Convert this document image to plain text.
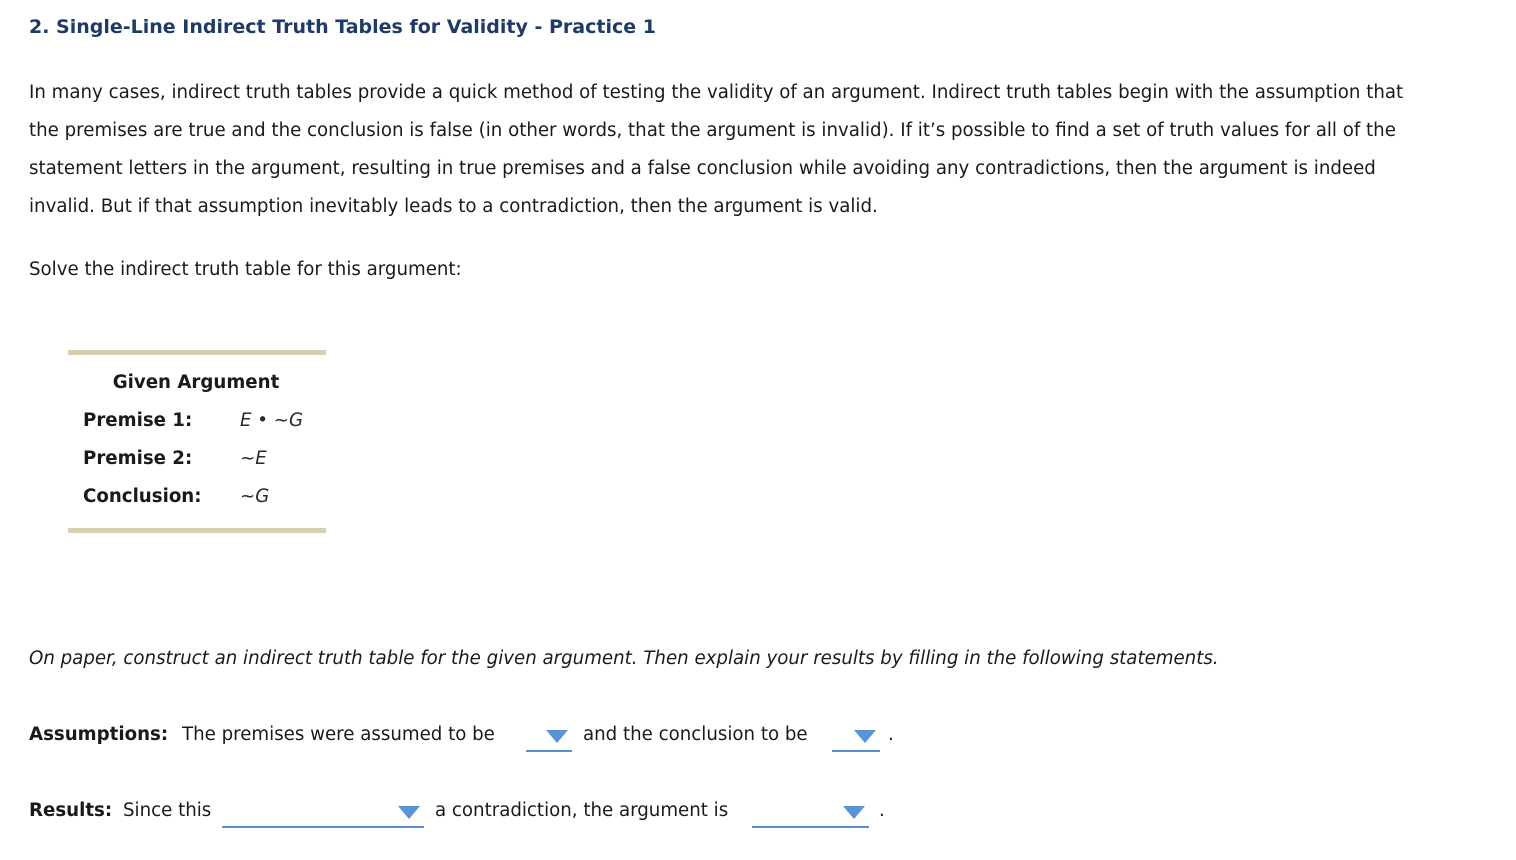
2. Single-Line Indirect Truth Tables for Validity - Practice 1

In many cases, indirect truth tables provide a quick method of testing the validity of an argument. Indirect truth tables begin with the assumption that

the premises are true and the conclusion is false (in other words, that the argument is invalid). If it’s possible to find a set of truth values for all of the

statement letters in the argument, resulting in true premises and a false conclusion while avoiding any contradictions, then the argument is indeed

invalid. But if that assumption inevitably leads to a contradiction, then the argument is valid.

Solve the indirect truth table for this argument:
Given Argument
Premise 1:	E • ~G
Premise 2:	~E
Conclusion: ~G
On paper, construct an indirect truth table for the given argument. Then explain your results by filling in the following statements.
Assumptions: The premises were assumed to be	and the conclusion to be	.
Results: Since this	a contradiction, the argument is	.
